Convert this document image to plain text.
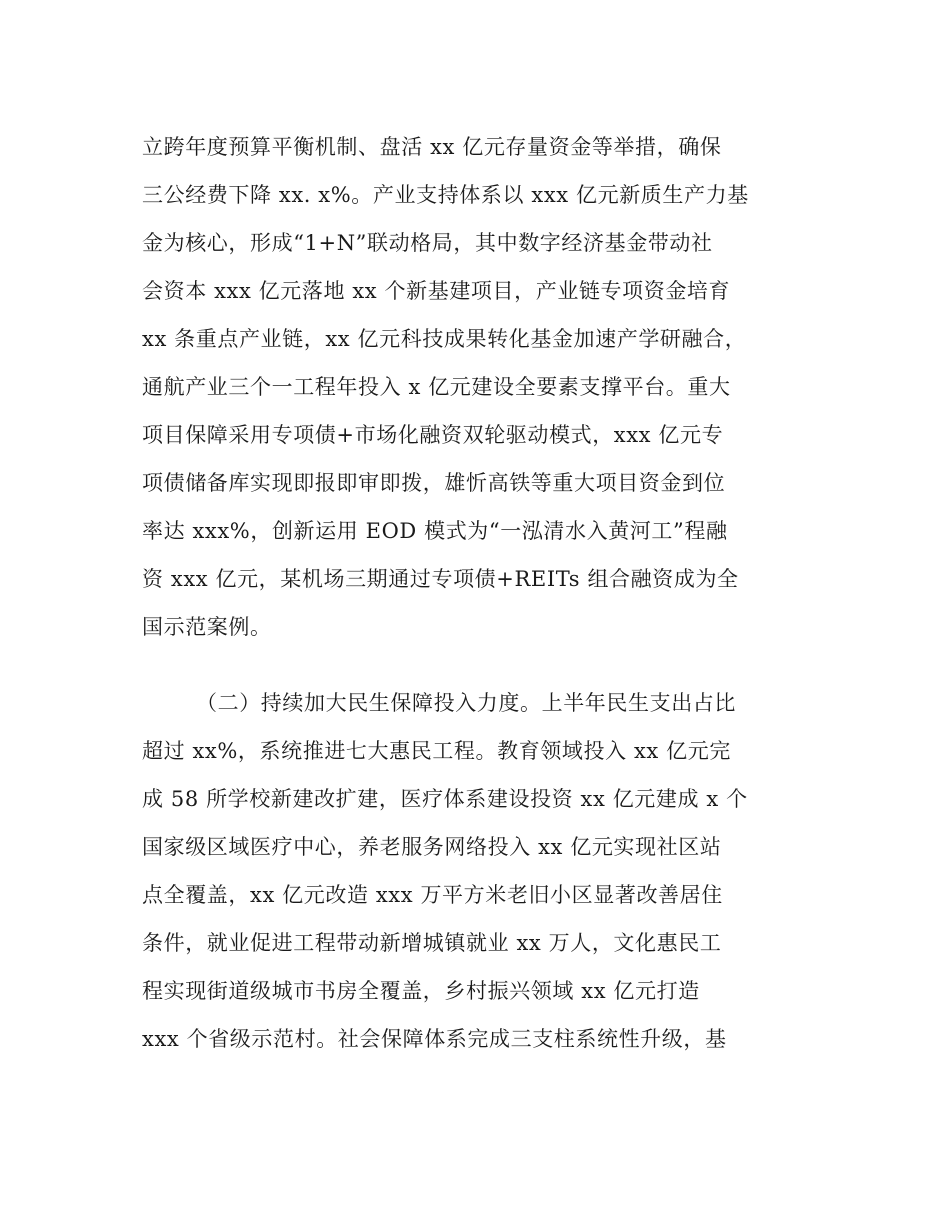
立跨年度预算平衡机制、盘活 xx 亿元存量资金等举措，确保
三公经费下降 xx. x%。产业支持体系以 xxx 亿元新质生产力基
金为核心，形成“1+N”联动格局，其中数字经济基金带动社
会资本 xxx 亿元落地 xx 个新基建项目，产业链专项资金培育
xx 条重点产业链，xx 亿元科技成果转化基金加速产学研融合，
通航产业三个一工程年投入 x 亿元建设全要素支撑平台。重大
项目保障采用专项债+市场化融资双轮驱动模式，xxx 亿元专
项债储备库实现即报即审即拨，雄忻高铁等重大项目资金到位
率达 xxx%，创新运用 EOD 模式为“一泓清水入黄河工”程融
资 xxx 亿元，某机场三期通过专项债+REITs 组合融资成为全
国示范案例。
（二）持续加大民生保障投入力度。上半年民生支出占比
超过 xx%，系统推进七大惠民工程。教育领域投入 xx 亿元完
成 58 所学校新建改扩建，医疗体系建设投资 xx 亿元建成 x 个
国家级区域医疗中心，养老服务网络投入 xx 亿元实现社区站
点全覆盖，xx 亿元改造 xxx 万平方米老旧小区显著改善居住
条件，就业促进工程带动新增城镇就业 xx 万人，文化惠民工
程实现街道级城市书房全覆盖，乡村振兴领域 xx 亿元打造
xxx 个省级示范村。社会保障体系完成三支柱系统性升级，基
